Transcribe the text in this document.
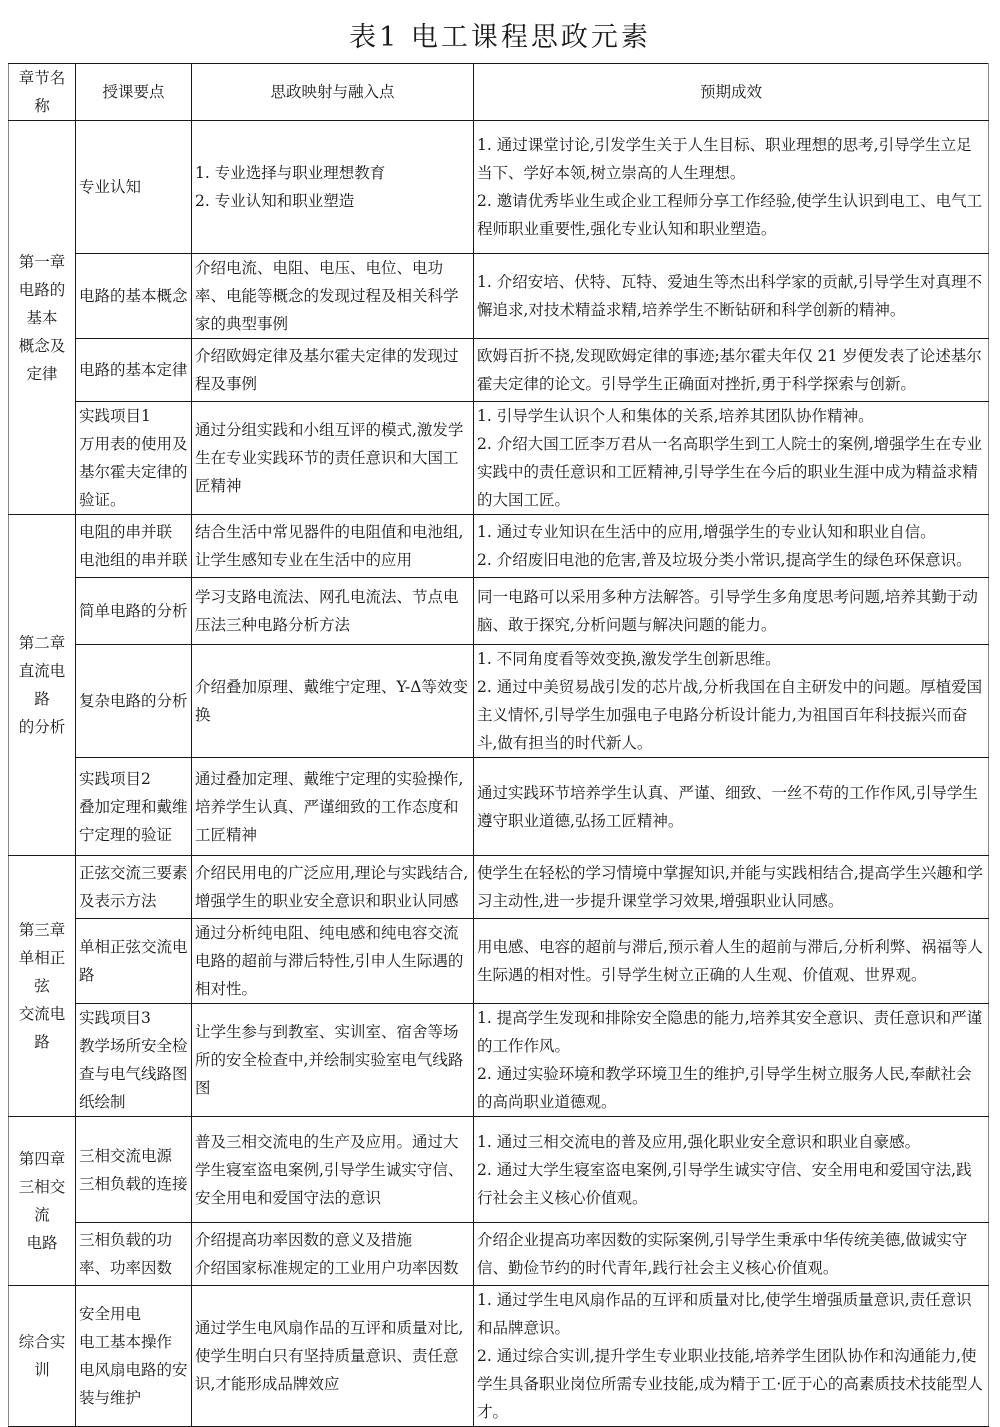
表1 电工课程思政元素
章节名称	授课要点	思政映射与融入点	预期成效
第一章
电路的基本
概念及定律	专业认知	1. 专业选择与职业理想教育
2. 专业认知和职业塑造	1. 通过课堂讨论,引发学生关于人生目标、职业理想的思考,引导学生立足当下、学好本领,树立崇高的人生理想。
2. 邀请优秀毕业生或企业工程师分享工作经验,使学生认识到电工、电气工程师职业重要性,强化专业认知和职业塑造。
	电路的基本概念	介绍电流、电阻、电压、电位、电功率、电能等概念的发现过程及相关科学家的典型事例	1. 介绍安培、伏特、瓦特、爱迪生等杰出科学家的贡献,引导学生对真理不懈追求,对技术精益求精,培养学生不断钻研和科学创新的精神。
	电路的基本定律	介绍欧姆定律及基尔霍夫定律的发现过程及事例	欧姆百折不挠,发现欧姆定律的事迹;基尔霍夫年仅 21 岁便发表了论述基尔霍夫定律的论文。引导学生正确面对挫折,勇于科学探索与创新。
	实践项目1
万用表的使用及基尔霍夫定律的验证。	通过分组实践和小组互评的模式,激发学生在专业实践环节的责任意识和大国工匠精神	1. 引导学生认识个人和集体的关系,培养其团队协作精神。
2. 介绍大国工匠李万君从一名高职学生到工人院士的案例,增强学生在专业实践中的责任意识和工匠精神,引导学生在今后的职业生涯中成为精益求精的大国工匠。
第二章
直流电路
的分析	电阻的串并联
电池组的串并联	结合生活中常见器件的电阻值和电池组,让学生感知专业在生活中的应用	1. 通过专业知识在生活中的应用,增强学生的专业认知和职业自信。
2. 介绍废旧电池的危害,普及垃圾分类小常识,提高学生的绿色环保意识。
	简单电路的分析	学习支路电流法、网孔电流法、节点电压法三种电路分析方法	同一电路可以采用多种方法解答。引导学生多角度思考问题,培养其勤于动脑、敢于探究,分析问题与解决问题的能力。
	复杂电路的分析	介绍叠加原理、戴维宁定理、Y-Δ等效变换	1. 不同角度看等效变换,激发学生创新思维。
2. 通过中美贸易战引发的芯片战,分析我国在自主研发中的问题。厚植爱国主义情怀,引导学生加强电子电路分析设计能力,为祖国百年科技振兴而奋斗,做有担当的时代新人。
	实践项目2
叠加定理和戴维宁定理的验证	通过叠加定理、戴维宁定理的实验操作,培养学生认真、严谨细致的工作态度和工匠精神	通过实践环节培养学生认真、严谨、细致、一丝不苟的工作作风,引导学生遵守职业道德,弘扬工匠精神。
第三章
单相正弦
交流电路	正弦交流三要素及表示方法	介绍民用电的广泛应用,理论与实践结合,增强学生的职业安全意识和职业认同感	使学生在轻松的学习情境中掌握知识,并能与实践相结合,提高学生兴趣和学习主动性,进一步提升课堂学习效果,增强职业认同感。
	单相正弦交流电路	通过分析纯电阻、纯电感和纯电容交流电路的超前与滞后特性,引申人生际遇的相对性。	用电感、电容的超前与滞后,预示着人生的超前与滞后,分析利弊、祸福等人生际遇的相对性。引导学生树立正确的人生观、价值观、世界观。
	实践项目3
教学场所安全检查与电气线路图纸绘制	让学生参与到教室、实训室、宿舍等场所的安全检查中,并绘制实验室电气线路图	1. 提高学生发现和排除安全隐患的能力,培养其安全意识、责任意识和严谨的工作作风。
2. 通过实验环境和教学环境卫生的维护,引导学生树立服务人民,奉献社会的高尚职业道德观。
第四章
三相交流
电路	三相交流电源
三相负载的连接	普及三相交流电的生产及应用。通过大学生寝室盗电案例,引导学生诚实守信、安全用电和爱国守法的意识	1. 通过三相交流电的普及应用,强化职业安全意识和职业自豪感。
2. 通过大学生寝室盗电案例,引导学生诚实守信、安全用电和爱国守法,践行社会主义核心价值观。
	三相负载的功率、功率因数	介绍提高功率因数的意义及措施
介绍国家标准规定的工业用户功率因数	介绍企业提高功率因数的实际案例,引导学生秉承中华传统美德,做诚实守信、勤俭节约的时代青年,践行社会主义核心价值观。
综合实训	安全用电
电工基本操作
电风扇电路的安装与维护	通过学生电风扇作品的互评和质量对比,使学生明白只有坚持质量意识、责任意识,才能形成品牌效应	1. 通过学生电风扇作品的互评和质量对比,使学生增强质量意识,责任意识和品牌意识。
2. 通过综合实训,提升学生专业职业技能,培养学生团队协作和沟通能力,使学生具备职业岗位所需专业技能,成为精于工·匠于心的高素质技术技能型人才。
